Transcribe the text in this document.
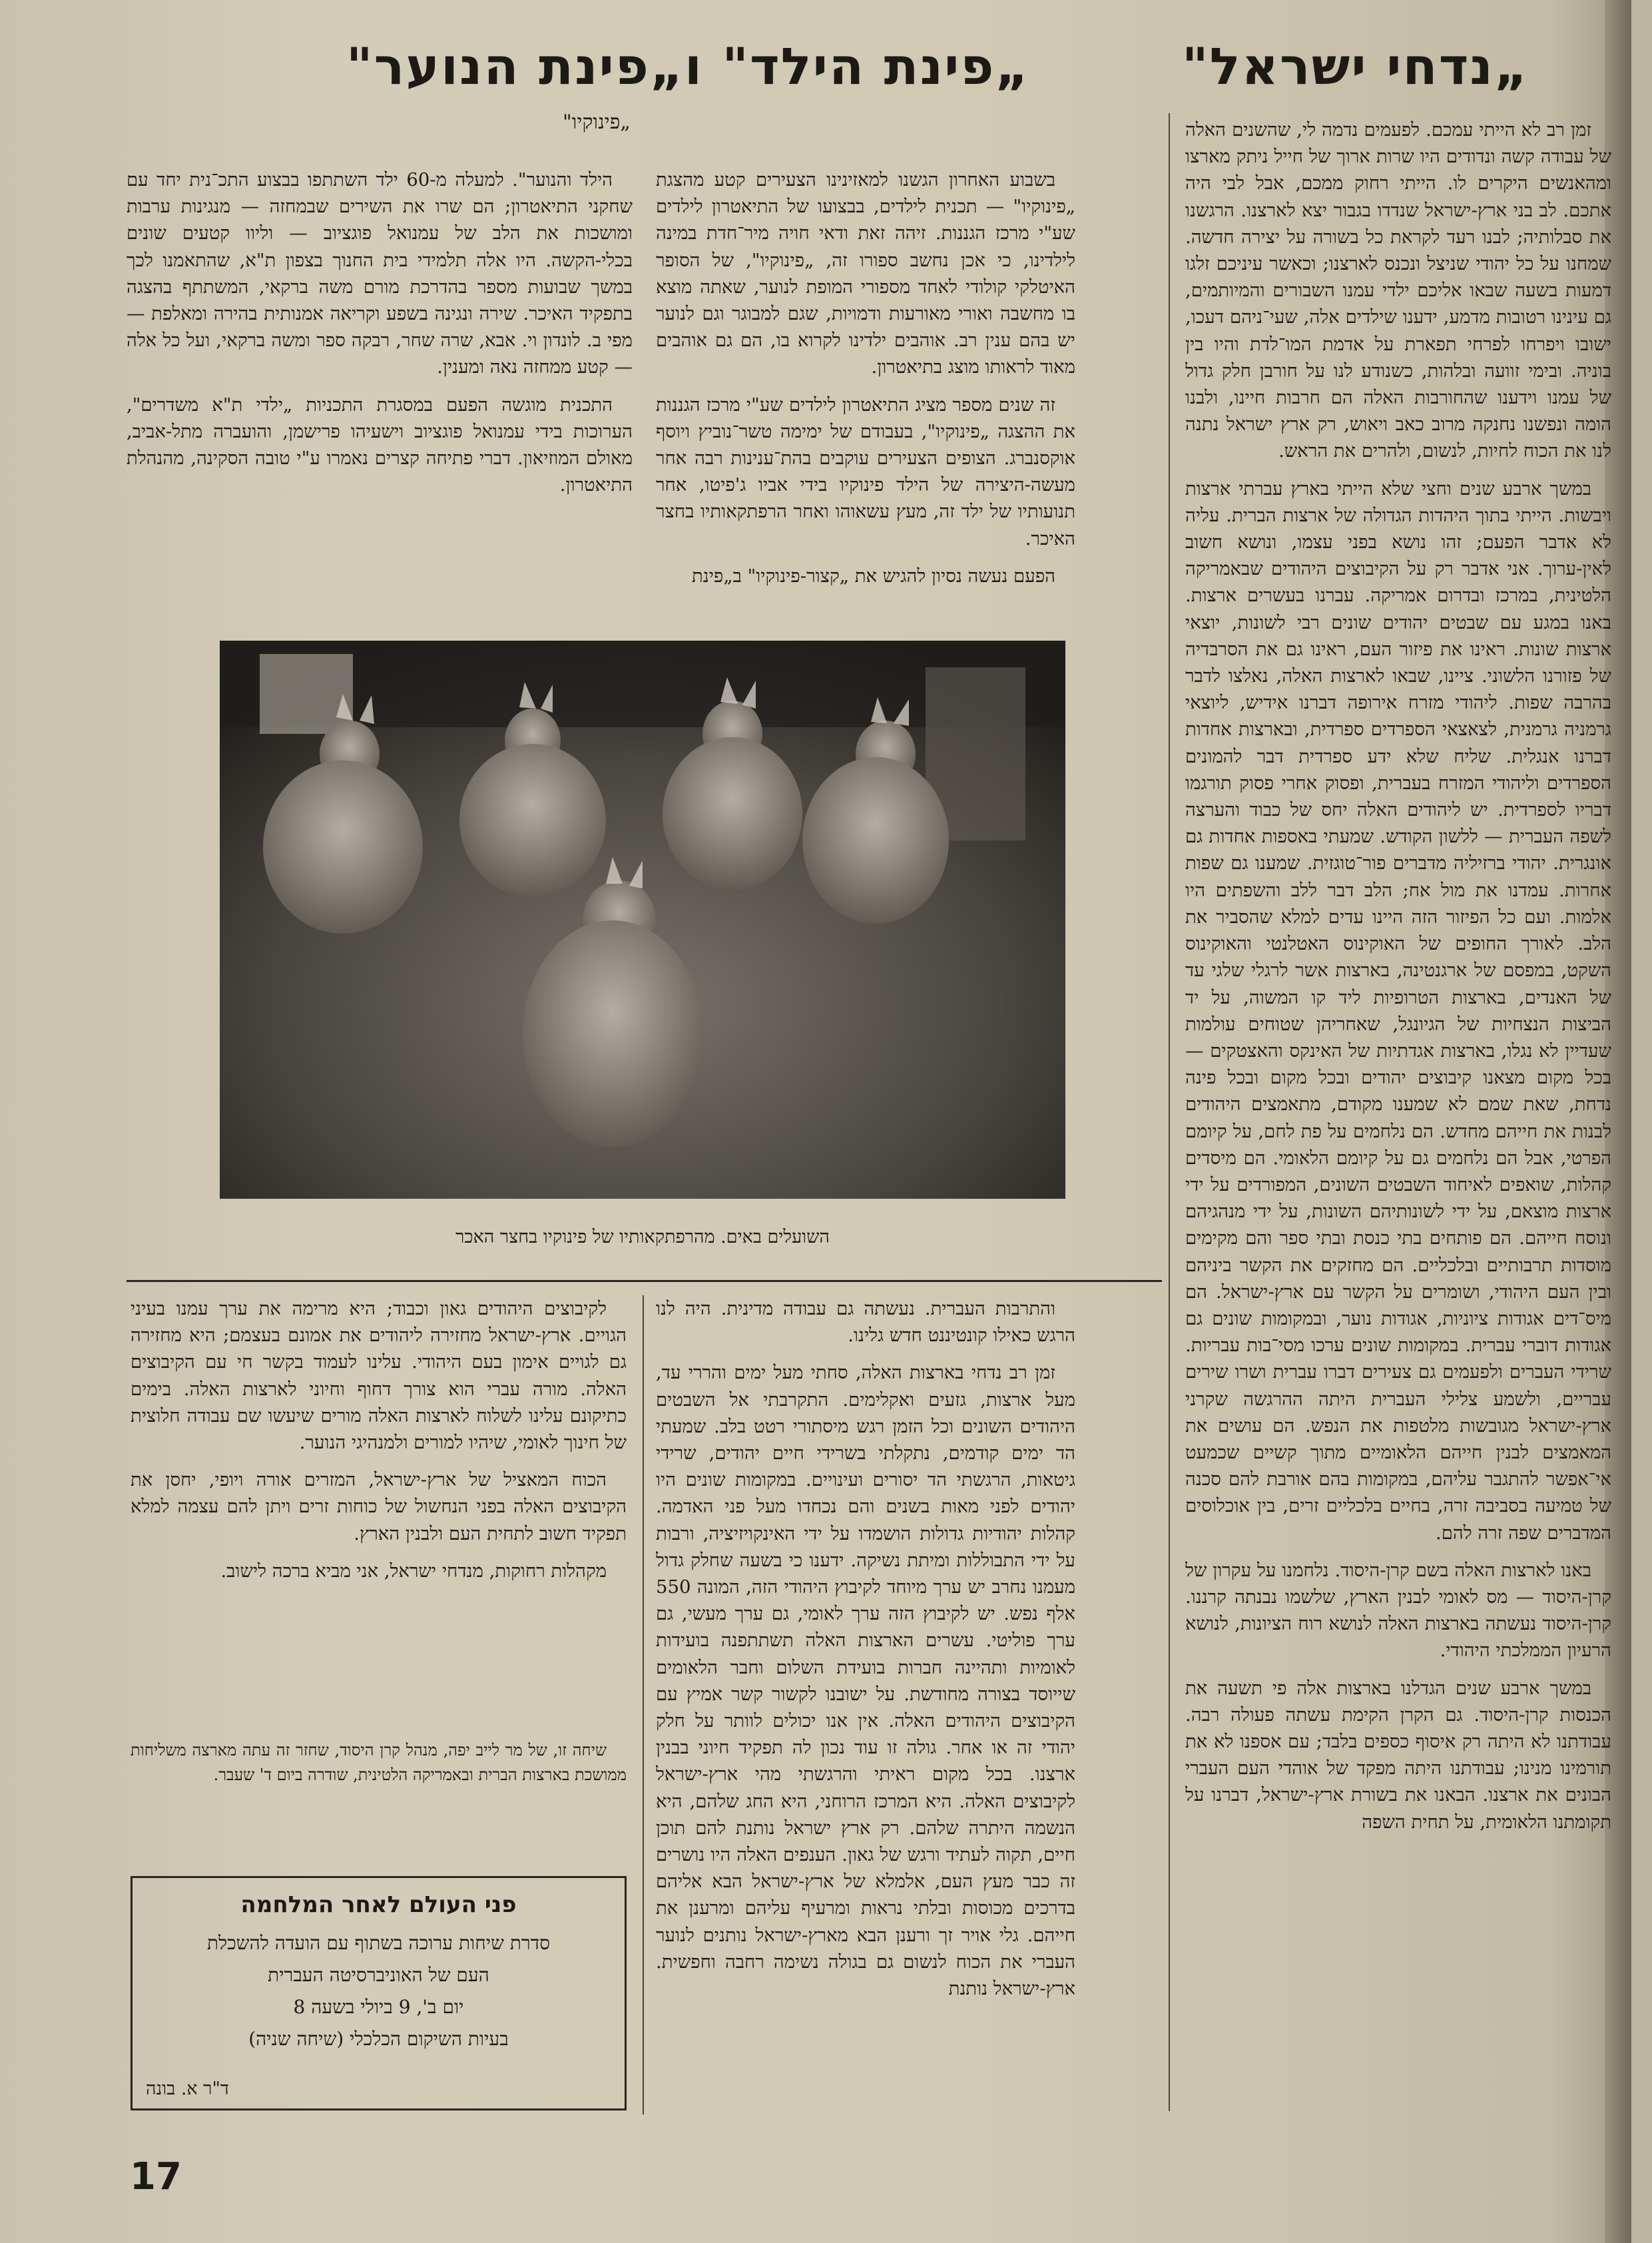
„נדחי ישראל"
„פינת הילד" ו„פינת הנוער"
„פינוקיו"	זמן רב לא הייתי עמכם. לפעמים נדמה לי, שהשנים האלה של עבודה קשה ונדודים היו שרות ארוך של חייל ניתק מארצו ומהאנשים היקרים לו. הייתי רחוק ממכם, אבל לבי היה אתכם. לב בני ארץ-ישראל שנדדו בגבור יצא לארצנו. הרגשנו את סבלותיה; לבנו רעד לקראת כל בשורה על יצירה חדשה. שמחנו על כל יהודי שניצל ונכנס לארצנו; וכאשר עיניכם זלגו דמעות בשעה שבאו אליכם ילדי עמנו השבורים והמיותמים, גם עינינו רטובות מדמע, ידענו שילדים אלה, שעי־ניהם דעכו, ישובו ויפרחו לפרחי תפארת על אדמת המו־לדת והיו בין בוניה. ובימי זוועה ובלהות, כשנודע לנו על חורבן חלק גדול של עמנו וידענו שהחורבות האלה הם חרבות חיינו, ולבנו הומה ונפשנו נחנקה מרוב כאב ויאוש, רק ארץ ישראל נתנה לנו את הכוח לחיות, לנשום, ולהרים את הראש.

במשך ארבע שנים וחצי שלא הייתי בארץ עברתי ארצות ויבשות. הייתי בתוך היהדות הגדולה של ארצות הברית. עליה לא אדבר הפעם; זהו נושא בפני עצמו, ונושא חשוב לאין-ערוך. אני אדבר רק על הקיבוצים היהודים שבאמריקה הלטינית, במרכז ובדרום אמריקה. עברנו בעשרים ארצות. באנו במגע עם שבטים יהודים שונים רבי לשונות, יוצאי ארצות שונות. ראינו את פיזור העם, ראינו גם את הסרבדיה של פזורנו הלשוני. ציינו, שבאו לארצות האלה, נאלצו לדבר בהרבה שפות. ליהודי מזרח אירופה דברנו אידיש, ליוצאי גרמניה גרמנית, לצאצאי הספרדים ספרדית, ובארצות אחדות דברנו אנגלית. שליח שלא ידע ספרדית דבר להמונים הספרדים וליהודי המזרח בעברית, ופסוק אחרי פסוק תורגמו דבריו לספרדית. יש ליהודים האלה יחס של כבוד והערצה לשפה העברית — ללשון הקודש. שמעתי באספות אחדות גם אונגרית. יהודי ברזיליה מדברים פור־טוגזית. שמענו גם שפות אחרות. עמדנו את מול אח; הלב דבר ללב והשפתים היו אלמות. ועם כל הפיזור הזה היינו עדים למלא שהסביר את הלב. לאורך החופים של האוקינוס האטלנטי והאוקינוס השקט, במפסם של ארגנטינה, בארצות אשר לרגלי שלגי עד של האנדים, בארצות הטרופיות ליד קו המשוה, על יד הביצות הנצחיות של הגיונגל, שאחריהן שטוחים עולמות שעדיין לא נגלו, בארצות אגדתיות של האינקס והאצטקים — בכל מקום מצאנו קיבוצים יהודים ובכל מקום ובכל פינה נדחת, שאת שמם לא שמענו מקודם, מתאמצים היהודים לבנות את חייהם מחדש. הם נלחמים על פת לחם, על קיומם הפרטי, אבל הם נלחמים גם על קיומם הלאומי. הם מיסדים קהלות, שואפים לאיחוד השבטים השונים, המפורדים על ידי ארצות מוצאם, על ידי לשונותיהם השונות, על ידי מנהגיהם ונוסח חייהם. הם פותחים בתי כנסת ובתי ספר והם מקימים מוסדות תרבותיים ובלכליים. הם מחזקים את הקשר ביניהם ובין העם היהודי, ושומרים על הקשר עם ארץ-ישראל. הם מיס־דים אגודות ציוניות, אגודות נוער, ובמקומות שונים גם אגודות דוברי עברית. במקומות שונים ערכו מסי־בות עבריות. שרידי העברים ולפעמים גם צעירים דברו עברית ושרו שירים עבריים, ולשמע צלילי העברית היתה ההרגשה שקרני ארץ-ישראל מגובשות מלטפות את הנפש. הם עושים את המאמצים לבנין חייהם הלאומיים מתוך קשיים שכמעט אי־אפשר להתגבר עליהם, במקומות בהם אורבת להם סכנה של טמיעה בסביבה זרה, בחיים בלכליים זרים, בין אוכלוסים המדברים שפה זרה להם.

באנו לארצות האלה בשם קרן-היסוד. נלחמנו על עקרון של קרן-היסוד — מס לאומי לבנין הארץ, שלשמו נבנתה קרננו. קרן-היסוד נעשתה בארצות האלה לנושא רוח הציונות, לנושא הרעיון הממלכתי היהודי.

במשך ארבע שנים הגדלנו בארצות אלה פי תשעה את הכנסות קרן-היסוד. גם הקרן הקימת עשתה פעולה רבה. עבודתנו לא היתה רק איסוף כספים בלבד; עם אספנו לא את תורמינו מנינו; עבודתנו היתה מפקד של אוהדי העם העברי הבונים את ארצנו. הבאנו את בשורת ארץ-ישראל, דברנו על תקומתנו הלאומית, על תחית השפה

בשבוע האחרון הגשנו למאזינינו הצעירים קטע מהצגת „פינוקיו" — תכנית לילדים, בבצועו של התיאטרון לילדים שע"י מרכז הגננות. זיהה זאת ודאי חויה מיר־חדת במינה לילדינו, כי אכן נחשב ספורו זה, „פינוקיו", של הסופר האיטלקי קולודי לאחד מספורי המופת לנוער, שאתה מוצא בו מחשבה ואורי מאורעות ודמויות, שגם למבוגר וגם לנוער יש בהם ענין רב. אוהבים ילדינו לקרוא בו, הם גם אוהבים מאוד לראותו מוצג בתיאטרון.

זה שנים מספר מציג התיאטרון לילדים שע"י מרכז הגננות את ההצגה „פינוקיו", בעבודם של ימימה טשר־נוביץ ויוסף אוקסנברג. הצופים הצעירים עוקבים בהת־ענינות רבה אחר מעשה-היצירה של הילד פינוקיו בידי אביו ג'פיטו, אחר תנועותיו של ילד זה, מעץ עשאוהו ואחר הרפתקאותיו בחצר האיכר.

הפעם נעשה נסיון להגיש את „קצור-פינוקיו" ב„פינת

הילד והנוער". למעלה מ-60 ילד השתתפו בבצוע התכ־נית יחד עם שחקני התיאטרון; הם שרו את השירים שבמחזה — מנגינות ערבות ומושכות את הלב של עמנואל פוגציוב — וליוו קטעים שונים בכלי-הקשה. היו אלה תלמידי בית החנוך בצפון ת"א, שהתאמנו לכך במשך שבועות מספר בהדרכת מורם משה ברקאי, המשתתף בהצגה בתפקיד האיכר. שירה ונגינה בשפע וקריאה אמנותית בהירה ומאלפת — מפי ב. לונדון וי. אבא, שרה שחר, רבקה ספר ומשה ברקאי, ועל כל אלה — קטע ממחזה נאה ומענין.

התכנית מוגשה הפעם במסגרת התכניות „ילדי ת"א משדרים", הערוכות בידי עמנואל פוגציוב וישעיהו פרישמן, והועברה מתל-אביב, מאולם המוזיאון. דברי פתיחה קצרים נאמרו ע"י טובה הסקינה, מהנהלת התיאטרון.

השועלים באים. מהרפתקאותיו של פינוקיו בחצר האכר

והתרבות העברית. נעשתה גם עבודה מדינית. היה לנו הרגש כאילו קונטיננט חדש גלינו.

זמן רב נדחי בארצות האלה, סחתי מעל ימים והררי עד, מעל ארצות, גזעים ואקלימים. התקרבתי אל השבטים היהודים השונים וכל הזמן רגש מיסתורי רטט בלב. שמעתי הד ימים קודמים, נתקלתי בשרידי חיים יהודים, שרידי גיטאות, הרגשתי הד יסורים ועינויים. במקומות שונים היו יהודים לפני מאות בשנים והם נכחדו מעל פני האדמה. קהלות יהודיות גדולות הושמדו על ידי האינקויזיציה, ורבות על ידי התבוללות ומיתת נשיקה. ידענו כי בשעה שחלק גדול מעמנו נחרב יש ערך מיוחד לקיבוץ היהודי הזה, המונה 550 אלף נפש. יש לקיבוץ הזה ערך לאומי, גם ערך מעשי, גם ערך פוליטי. עשרים הארצות האלה תשתתפנה בועידות לאומיות ותהיינה חברות בועידת השלום וחבר הלאומים שייוסד בצורה מחודשת. על ישובנו לקשור קשר אמיץ עם הקיבוצים היהודים האלה. אין אנו יכולים לוותר על חלק יהודי זה או אחר. גולה זו עוד נכון לה תפקיד חיוני בבנין ארצנו. בכל מקום ראיתי והרגשתי מהי ארץ-ישראל לקיבוצים האלה. היא המרכז הרוחני, היא החג שלהם, היא הנשמה היתרה שלהם. רק ארץ ישראל נותנת להם תוכן חיים, תקוה לעתיד ורגש של גאון. הענפים האלה היו נושרים זה כבר מעץ העם, אלמלא של ארץ-ישראל הבא אליהם בדרכים מכוסות ובלתי נראות ומרעיף עליהם ומרענן את חייהם. גלי אויר זך ורענן הבא מארץ-ישראל נותנים לנוער העברי את הכוח לנשום גם בגולה נשימה רחבה וחפשית. ארץ-ישראל נותנת

לקיבוצים היהודים גאון וכבוד; היא מרימה את ערך עמנו בעיני הגויים. ארץ-ישראל מחזירה ליהודים את אמונם בעצמם; היא מחזירה גם לגויים אימון בעם היהודי. עלינו לעמוד בקשר חי עם הקיבוצים האלה. מורה עברי הוא צורך דחוף וחיוני לארצות האלה. בימים כתיקונם עלינו לשלוח לארצות האלה מורים שיעשו שם עבודה חלוצית של חינוך לאומי, שיהיו למורים ולמנהיגי הנוער.

הכוח המאציל של ארץ-ישראל, המזרים אורה ויופי, יחסן את הקיבוצים האלה בפני הנחשול של כוחות זרים ויתן להם עצמה למלא תפקיד חשוב לתחית העם ולבנין הארץ.

מקהלות רחוקות, מנדחי ישראל, אני מביא ברכה לישוב.

שיחה זו, של מר לייב יפה, מנהל קרן היסוד, שחזר זה עתה מארצה משליחות ממושכת בארצות הברית ובאמריקה הלטינית, שודרה ביום ד' שעבר.

פני העולם לאחר המלחמה
סדרת שיחות ערוכה בשתוף עם הועדה להשכלת
העם של האוניברסיטה העברית
יום ב', 9 ביולי בשעה 8
בעיות השיקום הכלכלי (שיחה שניה)
ד"ר א. בונה
17
